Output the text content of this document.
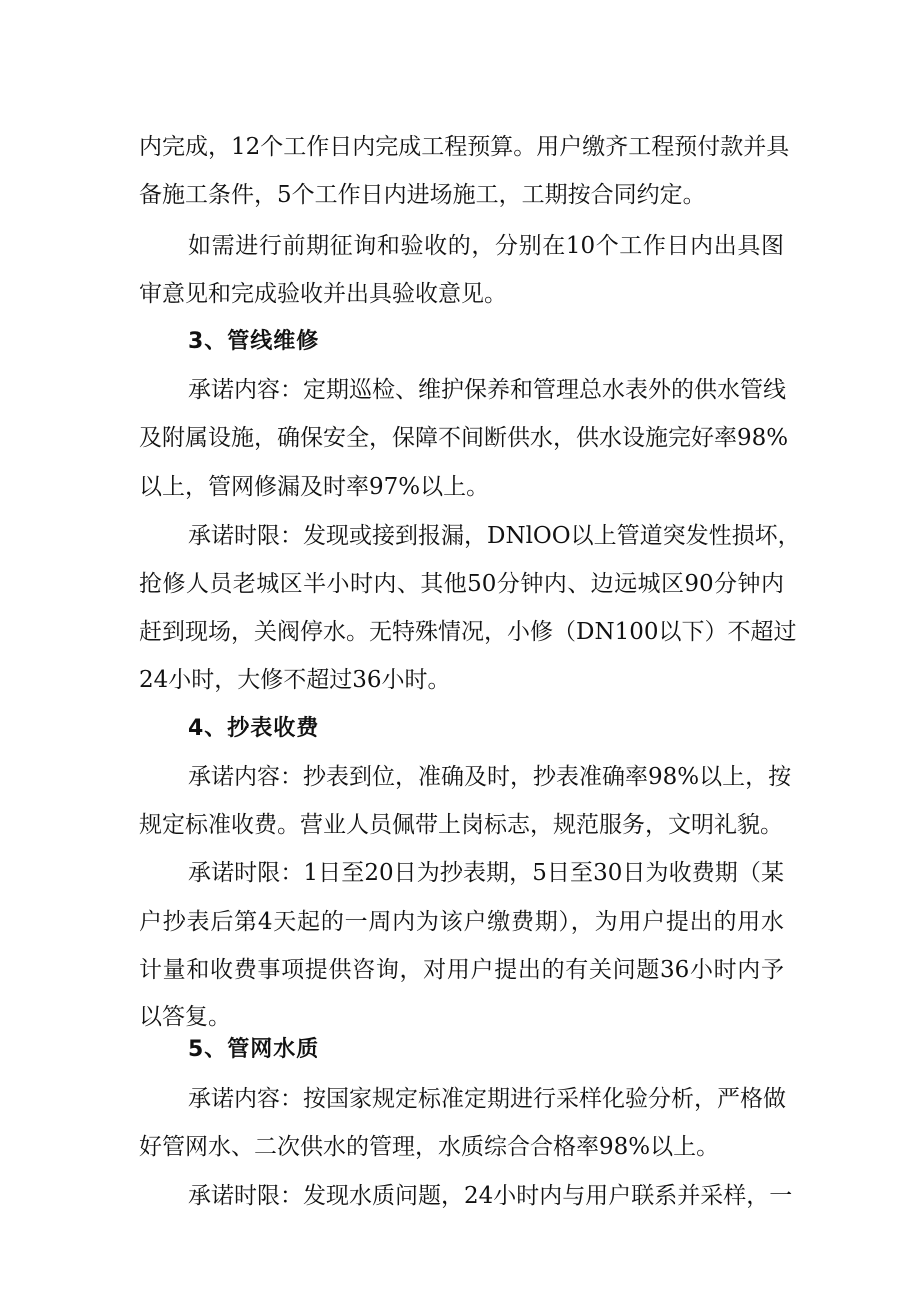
内完成，12个工作日内完成工程预算。用户缴齐工程预付款并具
备施工条件，5个工作日内进场施工，工期按合同约定。
如需进行前期征询和验收的，分别在10个工作日内出具图
审意见和完成验收并出具验收意见。
3、管线维修
承诺内容：定期巡检、维护保养和管理总水表外的供水管线
及附属设施，确保安全，保障不间断供水，供水设施完好率98%
以上，管网修漏及时率97%以上。
承诺时限：发现或接到报漏，DNlOO以上管道突发性损坏，
抢修人员老城区半小时内、其他50分钟内、边远城区90分钟内
赶到现场，关阀停水。无特殊情况，小修（DN100以下）不超过
24小时，大修不超过36小时。
4、抄表收费
承诺内容：抄表到位，准确及时，抄表准确率98%以上，按
规定标准收费。营业人员佩带上岗标志，规范服务，文明礼貌。
承诺时限：1日至20日为抄表期，5日至30日为收费期（某
户抄表后第4天起的一周内为该户缴费期），为用户提出的用水
计量和收费事项提供咨询，对用户提出的有关问题36小时内予
以答复。
5、管网水质
承诺内容：按国家规定标准定期进行采样化验分析，严格做
好管网水、二次供水的管理，水质综合合格率98%以上。
承诺时限：发现水质问题，24小时内与用户联系并采样，一
